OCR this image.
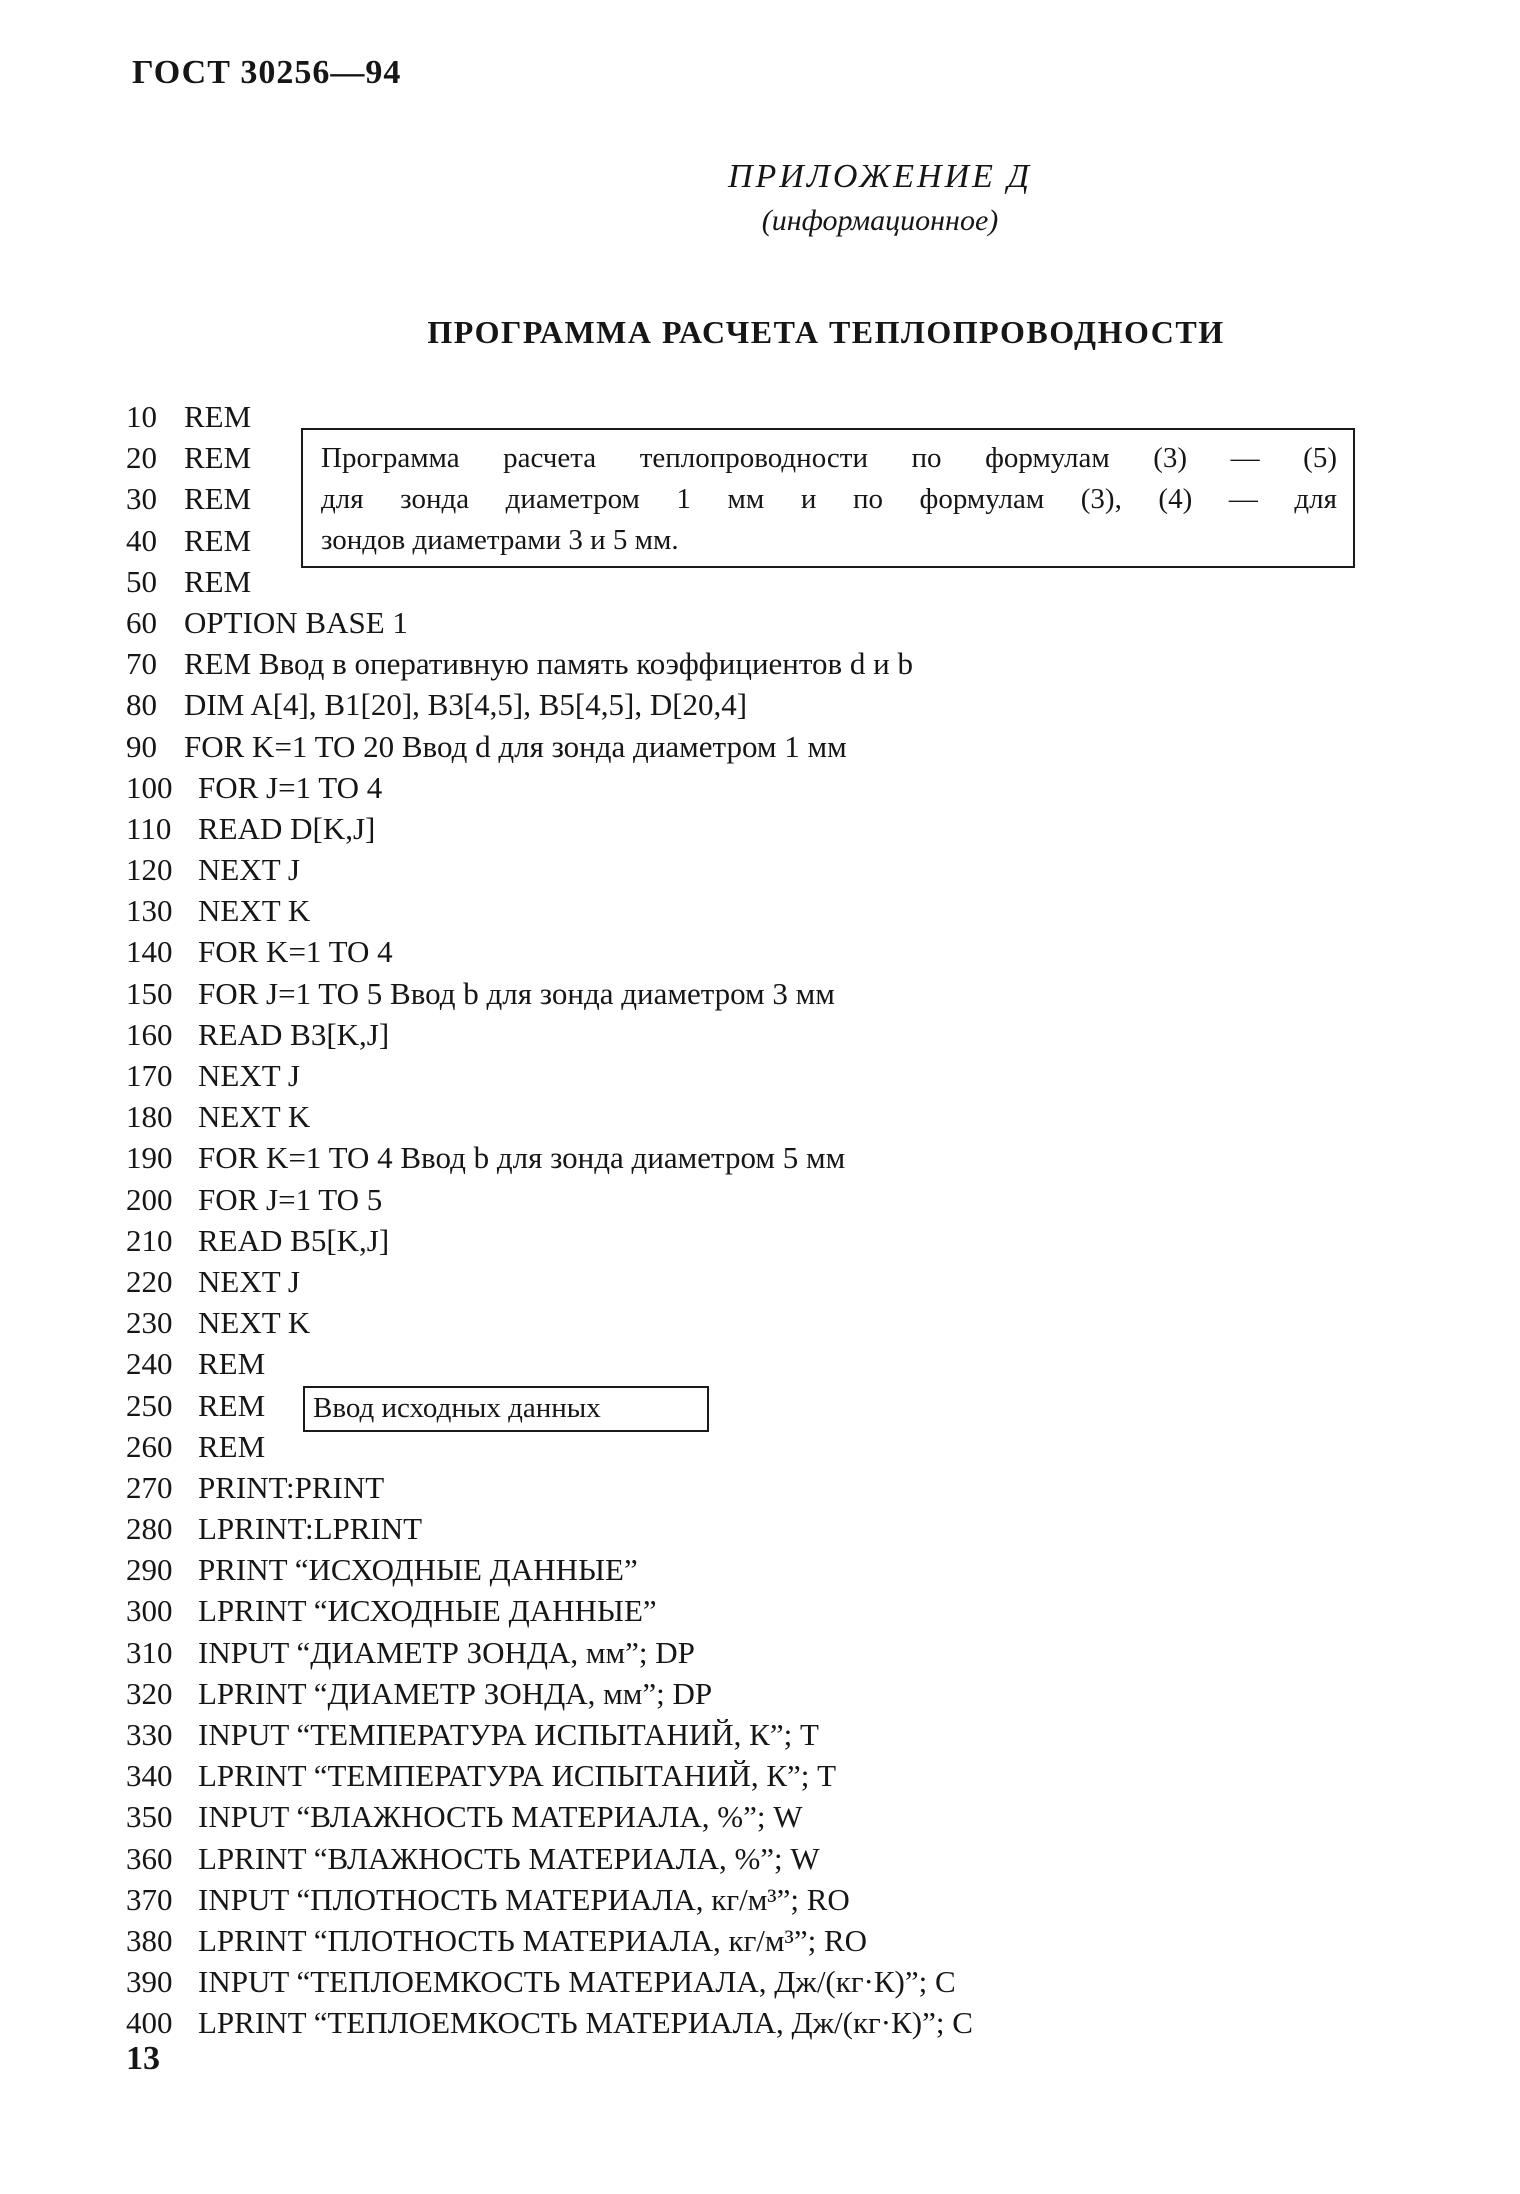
ГОСТ 30256—94
ПРИЛОЖЕНИЕ Д
(информационное)
ПРОГРАММА РАСЧЕТА ТЕПЛОПРОВОДНОСТИ
10 REM
20 REM
30 REM
40 REM
50 REM
60 OPTION BASE 1
70 REM Ввод в оперативную память коэффициентов d и b
80 DIM A[4], B1[20], B3[4,5], B5[4,5], D[20,4]
90 FOR K=1 TO 20 Ввод d для зонда диаметром 1 мм
100 FOR J=1 TO 4
110 READ D[K,J]
120 NEXT J
130 NEXT K
140 FOR K=1 TO 4
150 FOR J=1 TO 5 Ввод b для зонда диаметром 3 мм
160 READ B3[K,J]
170 NEXT J
180 NEXT K
190 FOR K=1 TO 4 Ввод b для зонда диаметром 5 мм
200 FOR J=1 TO 5
210 READ B5[K,J]
220 NEXT J
230 NEXT K
240 REM
250 REM
260 REM
270 PRINT:PRINT
280 LPRINT:LPRINT
290 PRINT “ИСХОДНЫЕ ДАННЫЕ”
300 LPRINT “ИСХОДНЫЕ ДАННЫЕ”
310 INPUT “ДИАМЕТР ЗОНДА, мм”; DP
320 LPRINT “ДИАМЕТР ЗОНДА, мм”; DP
330 INPUT “ТЕМПЕРАТУРА ИСПЫТАНИЙ, К”; T
340 LPRINT “ТЕМПЕРАТУРА ИСПЫТАНИЙ, К”; T
350 INPUT “ВЛАЖНОСТЬ МАТЕРИАЛА, %”; W
360 LPRINT “ВЛАЖНОСТЬ МАТЕРИАЛА, %”; W
370 INPUT “ПЛОТНОСТЬ МАТЕРИАЛА, кг/м³”; RO
380 LPRINT “ПЛОТНОСТЬ МАТЕРИАЛА, кг/м³”; RO
390 INPUT “ТЕПЛОЕМКОСТЬ МАТЕРИАЛА, Дж/(кг·К)”; C
400 LPRINT “ТЕПЛОЕМКОСТЬ МАТЕРИАЛА, Дж/(кг·К)”; C
Программа расчета теплопроводности по формулам (3) — (5)
для зонда диаметром 1 мм и по формулам (3), (4) — для
зондов диаметрами 3 и 5 мм.
Ввод исходных данных
13
